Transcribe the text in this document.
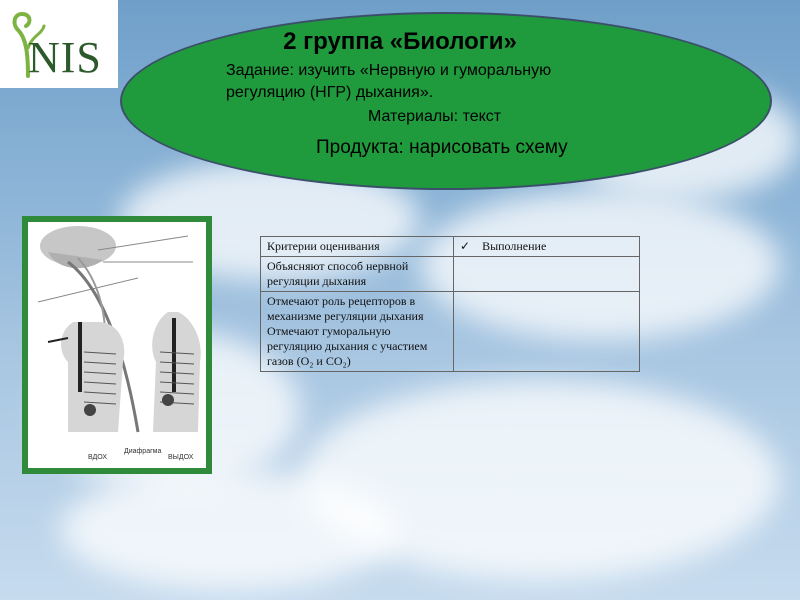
NIS	2 группа «Биологи»
Задание: изучить «Нервную и гуморальную
регуляцию (НГР) дыхания».
Материалы: текст
Продукта: нарисовать схему
ВДОХ
Диафрагма
ВЫДОХ
Критерии оценивания	✓ Выполнение
Объясняют способ нервной регуляции дыхания	
Отмечают роль рецепторов в механизме регуляции дыхания Отмечают гуморальную регуляцию дыхания с участием газов (O₂ и CO₂)	
